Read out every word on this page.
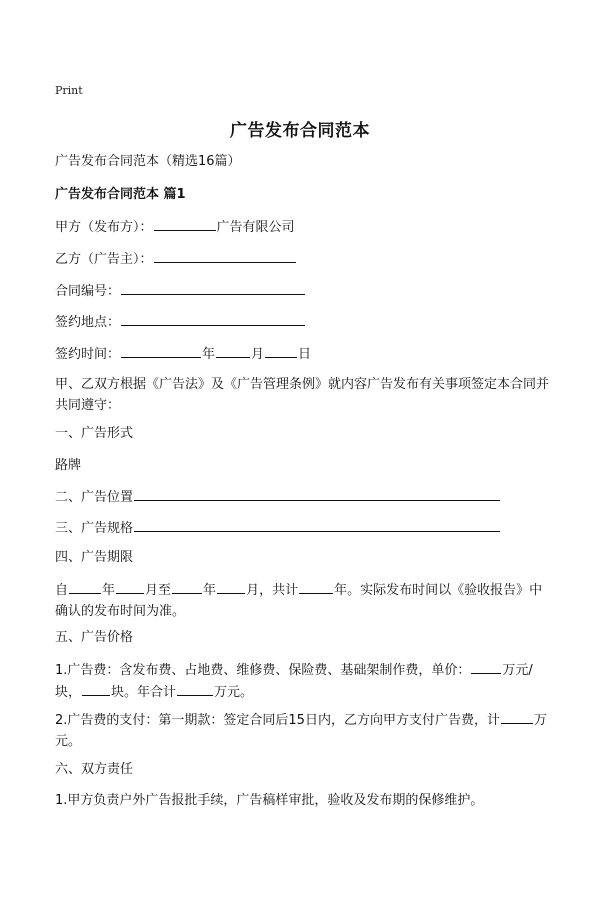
Print
广告发布合同范本
广告发布合同范本（精选16篇）
广告发布合同范本 篇1
甲方（发布方）：	广告有限公司
乙方（广告主）：
合同编号：
签约地点：
签约时间：	年	月	日
甲、乙双方根据《广告法》及《广告管理条例》就内容广告发布有关事项签定本合同并共同遵守：
一、广告形式
路牌
二、广告位置
三、广告规格
四、广告期限
自	年 月至 年 月，共计	年。实际发布时间以《验收报告》中确认的发布时间为准。
五、广告价格
1.广告费：含发布费、占地费、维修费、保险费、基础架制作费，单价： 万元/块， 块。年合计	万元。
2.广告费的支付：第一期款：签定合同后15日内，乙方向甲方支付广告费，计	万元。
六、双方责任
1.甲方负责户外广告报批手续，广告稿样审批，验收及发布期的保修维护。
